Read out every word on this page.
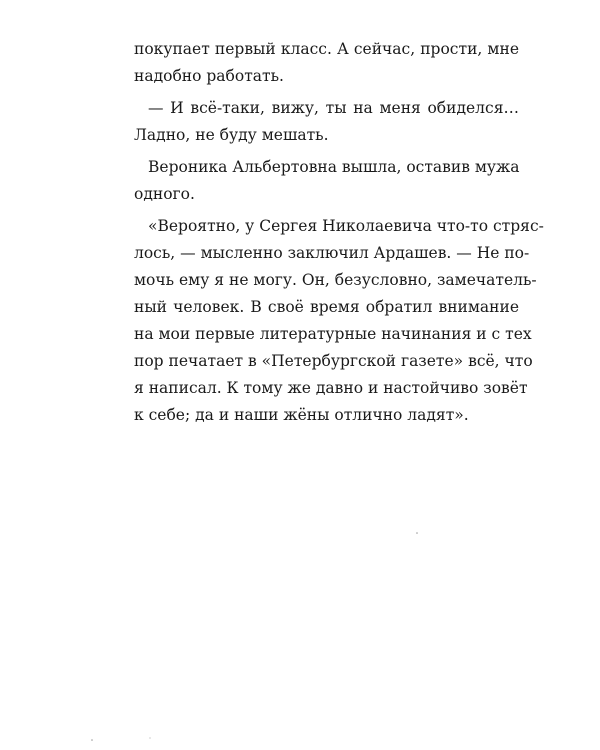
покупает первый класс. А сейчас, прости, мне
надобно работать.
— И всё-таки, вижу, ты на меня обиделся…
Ладно, не буду мешать.
Вероника Альбертовна вышла, оставив мужа
одного.
«Вероятно, у Сергея Николаевича что-то стряс-
лось, — мысленно заключил Ардашев. — Не по-
мочь ему я не могу. Он, безусловно, замечатель-
ный человек. В своё время обратил внимание
на мои первые литературные начинания и с тех
пор печатает в «Петербургской газете» всё, что
я написал. К тому же давно и настойчиво зовёт
к себе; да и наши жёны отлично ладят».
